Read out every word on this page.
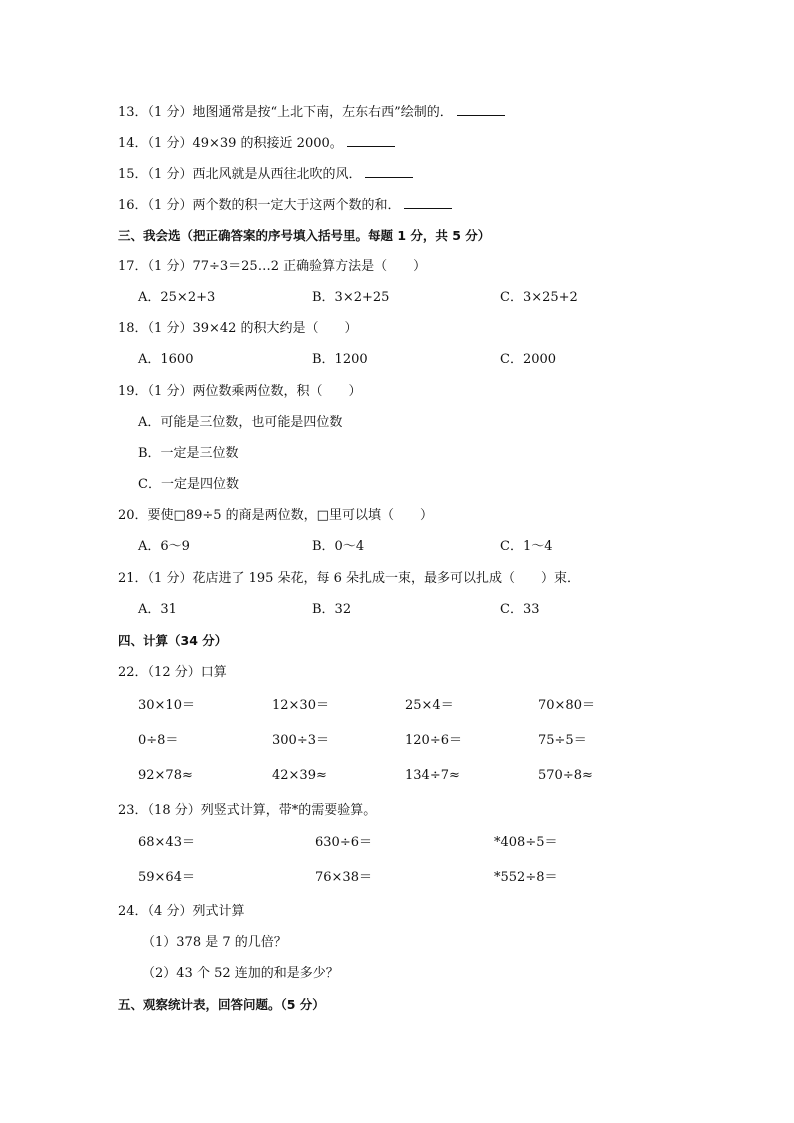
13．（1 分）地图通常是按“上北下南，左东右西”绘制的．
14．（1 分）49×39 的积接近 2000。
15．（1 分）西北风就是从西往北吹的风．
16．（1 分）两个数的积一定大于这两个数的和．
三、我会选（把正确答案的序号填入括号里。每题 1 分，共 5 分）
17．（1 分）77÷3＝25…2 正确验算方法是（　　）
A．25×2+3	B．3×2+25	C．3×25+2
18．（1 分）39×42 的积大约是（　　）
A．1600	B．1200	C．2000
19．（1 分）两位数乘两位数，积（　　）
A．可能是三位数，也可能是四位数
B．一定是三位数
C．一定是四位数
20．要使□89÷5 的商是两位数，□里可以填（　　）
A．6～9	B．0～4	C．1～4
21．（1 分）花店进了 195 朵花，每 6 朵扎成一束，最多可以扎成（　　）束．
A．31	B．32	C．33
四、计算（34 分）
22．（12 分）口算
30×10＝	12×30＝	25×4＝	70×80＝
0÷8＝	300÷3＝	120÷6＝	75÷5＝
92×78≈	42×39≈	134÷7≈	570÷8≈
23．（18 分）列竖式计算，带*的需要验算。
68×43＝	630÷6＝	*408÷5＝
59×64＝	76×38＝	*552÷8＝
24．（4 分）列式计算
（1）378 是 7 的几倍？
（2）43 个 52 连加的和是多少？
五、观察统计表，回答问题。（5 分）
